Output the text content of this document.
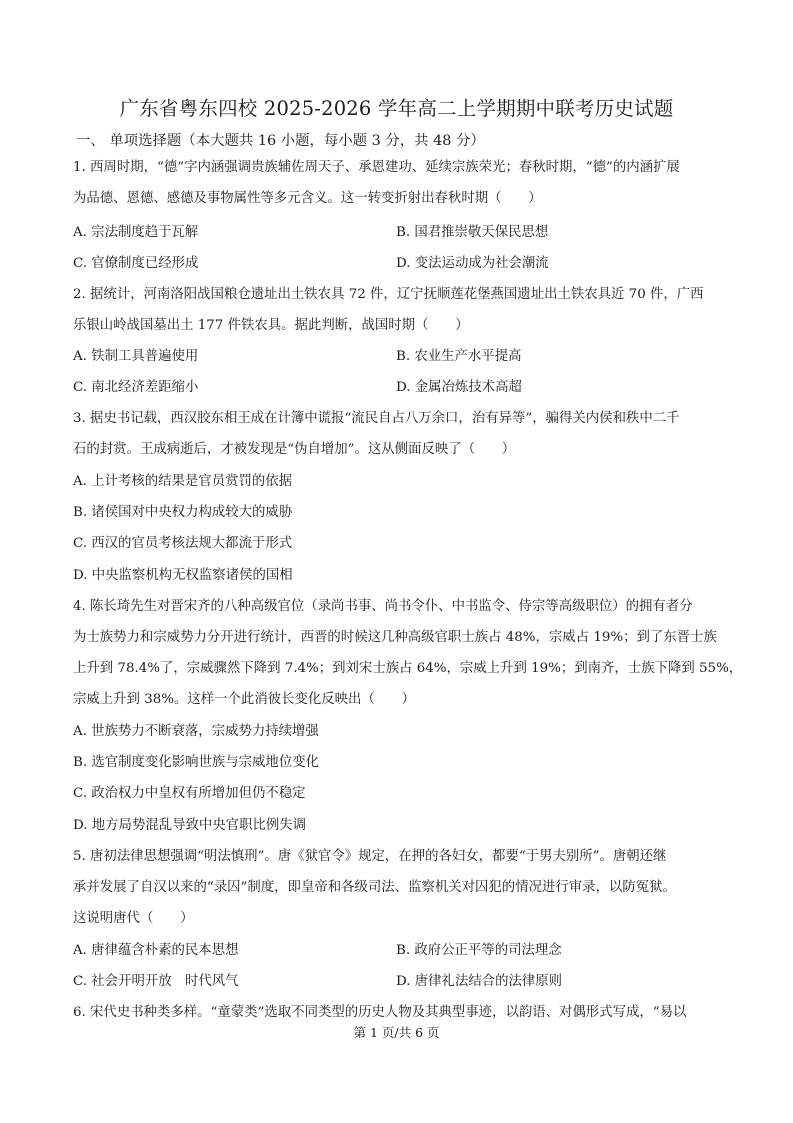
广东省粤东四校 2025-2026 学年高二上学期期中联考历史试题
一、 单项选择题（本大题共 16 小题，每小题 3 分，共 48 分）
1. 西周时期，“德”字内涵强调贵族辅佐周天子、承恩建功、延续宗族荣光；春秋时期，“德”的内涵扩展
为品德、恩德、感德及事物属性等多元含义。这一转变折射出春秋时期（　　）
A. 宗法制度趋于瓦解	B. 国君推崇敬天保民思想
C. 官僚制度已经形成	D. 变法运动成为社会潮流
2. 据统计，河南洛阳战国粮仓遗址出土铁农具 72 件，辽宁抚顺莲花堡燕国遗址出土铁农具近 70 件，广西
乐银山岭战国墓出土 177 件铁农具。据此判断，战国时期（　　）
A. 铁制工具普遍使用	B. 农业生产水平提高
C. 南北经济差距缩小	D. 金属冶炼技术高超
3. 据史书记载，西汉胶东相王成在计簿中谎报“流民自占八万余口，治有异等”，骗得关内侯和秩中二千
石的封赏。王成病逝后，才被发现是“伪自增加”。这从侧面反映了（　　）
A. 上计考核的结果是官员赏罚的依据
B. 诸侯国对中央权力构成较大的威胁
C. 西汉的官员考核法规大都流于形式
D. 中央监察机构无权监察诸侯的国相
4. 陈长琦先生对晋宋齐的八种高级官位（录尚书事、尚书令仆、中书监令、侍宗等高级职位）的拥有者分
为士族势力和宗威势力分开进行统计，西晋的时候这几种高级官职士族占 48%，宗威占 19%；到了东晋士族
上升到 78.4%了，宗威骤然下降到 7.4%；到刘宋士族占 64%，宗威上升到 19%；到南齐，士族下降到 55%，
宗威上升到 38%。这样一个此消彼长变化反映出（　　）
A. 世族势力不断衰落，宗威势力持续增强
B. 选官制度变化影响世族与宗威地位变化
C. 政治权力中皇权有所增加但仍不稳定
D. 地方局势混乱导致中央官职比例失调
5. 唐初法律思想强调“明法慎刑”。唐《狱官令》规定，在押的各妇女，都要“于男夫别所”。唐朝还继
承并发展了自汉以来的“录囚”制度，即皇帝和各级司法、监察机关对囚犯的情况进行审录，以防冤狱。
这说明唐代（　　）
A. 唐律蕴含朴素的民本思想	B. 政府公正平等的司法理念
C. 社会开明开放　时代风气	D. 唐律礼法结合的法律原则
6. 宋代史书种类多样。“童蒙类”选取不同类型的历史人物及其典型事迹，以韵语、对偶形式写成，“易以
第 1 页/共 6 页
